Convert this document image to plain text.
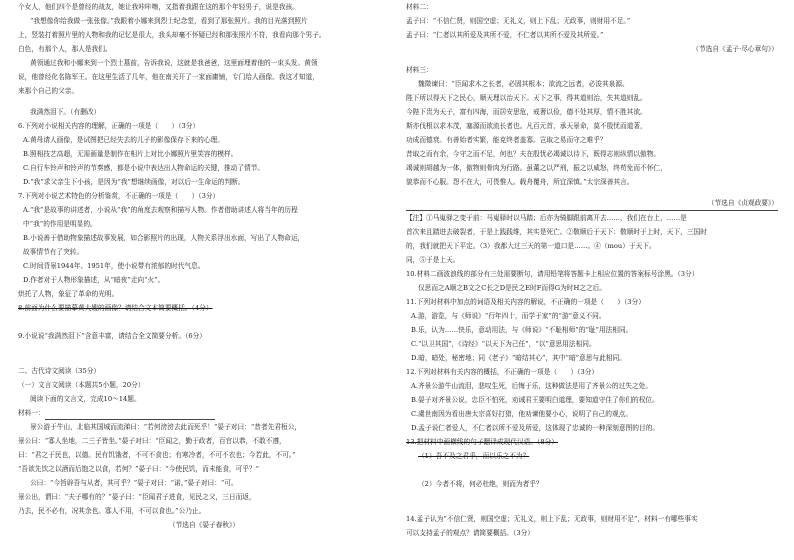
个女人，他们四个是曾经的战友，她让我咔咔嚓，又指着我跟在这的那个年轻男子，说是我孩。
“我想像你给我做一张张像。”我跟着小娜来到烈士纪念堂，看到了那张照片。我的目光落到照片
上，竖装打着照片里的人物和我的记忆是很大，我头却毫不怀疑已经和那张照片不符，我看向那个男子。
白色，有那个人，那人是我们。
黄领通过我和小娜来到一个烈士墓前，告诉我说，这就是我爸爸，这里面埋着他的一束头发。黄领
说，他曾经化名陈军王。在这里生活了几年，他在南关开了一家面庸铺，专门给人画像。我这才知道，
来那个自己的父亲。
我满然泪下。（有删改）
6.下列对小说相关内容的理解，正确的一项是（　　）（3分）
A.黄母请人画像，是试图把已经失去的儿子的影像保存下来的心理。
B.照相技艺高超，无需画量是制作在相片上对比小娜照片里笑容的模样。
C.自行车铃声和铃声的节奏感，都是小说中表达出人物命运的关键，推动了情节。
D.“我”求父亲生下小孩，是因为“我”想继续画像，对以后一生命运的判断。
7.下列对小说艺术特色的分析鉴赏，不正确的一项是（　　）（3分）
A.“我”是故事的讲述者，小说从“我”的角度去观察和描写人物。作者借助讲述人将当年的历程
中“我”的作用是明显的。
B.小说善于借助物象描述故事发展，如合影照片的出现，人物关系浮出水面，写出了人物命运，
故事情节有了突转。
C.时间背景1944年、1951年，使小说带有浓郁的时代气息。
D.作者对于人物形象描述，从“暗夜”走向“火”。
烘托了人物，象征了革命的光明。
8.前面为什么要描摹黄大嫂的画像？请结合文本简要概括。（4分）
9.小说说“我满然泪下”含意丰富，请结合全文简要分析。（6分）
二、古代诗文阅读（35分）
（一）文言文阅读（本题共5小题，20分）
阅读下面的文言文，完成10～14题。
材料一：
景公游于牛山，北临其国城而流涕曰：“若何滂滂去此而死乎！”晏子对曰：“昔者先君桓公，
景公曰：“寡人坐地，二三子皆坐。”晏子对曰：“臣闻之，勤于政者，百官以恭，不敢不遵，
曰：“君之于民也，以德。民有饥饿者，不可不食也；有寒冷者，不可不衣也；今若此，不可。”
“吾欲先饮之以酒而后饱之以食，若何？”晏子曰：“今使民饥，而未能食，可乎？”
公曰：“今旨辟吾与从者，其可乎？”晏子对曰：“诺。”晏子对曰：“可。
景公出，谓曰：“夫子哪有的？”晏子曰：“臣闻君子进食，见民之父，三日而返，
乃去，民不必有，况其余也。寡人不用，不可以食也。”公乃止。
（节选自《晏子春秋》）
材料二：
孟子曰：“不信仁贤，则国空虚；无礼义，则上下乱；无政事，则财用不足。”
孟子曰：“仁者以其所爱及其所不爱，不仁者以其所不爱及其所爱。”
（节选自《孟子·尽心章句》）
材料三：
魏徵谏曰：“臣闻求木之长者，必固其根本；欲流之远者，必浚其泉源。
陛下所以得天下之民心，顺天理以治天下。天下之事，得其道则治，失其道则乱。
今陛下贵为天子，富有四海，而居安思危，戒奢以俭，德不处其厚，情不胜其欲。
斯亦伐根以求木茂，塞源而欲流长者也。凡百元首，承天景命，莫不殷忧而道著，
功成而德衰。有善始者实繁，能克终者盖寡。岂取之易而守之难乎？
昔取之而有余，今守之而不足，何也？夫在殷忧必竭诚以待下，既得志则纵情以傲物。
竭诚则胡越为一体，傲物则骨肉为行路。虽董之以严刑，振之以威怒，终苟免而不怀仁，
貌恭而不心服。怨不在大，可畏惟人。载舟覆舟，所宜深慎。”太宗深善其言。
（节选自《贞观政要》）
【注】①马嵬驿之变于前：马嵬驿时以马踏；后亦为骑脚跟前离开去……，我们在台上，……是
首次来且踏进去破裂者，于是上践践维，其实是死亡。②敬顺后于天下：敬顺时于上时，天下，三国时
的，我们就把天下平定。（3）我都大过三天的第一道口是……。④（mou）于天下。
同，⑤于是上天。
10.材料二画波浪线的部分有三处需要断句，请用铅笔将答题卡上相应位置的答案标号涂黑。（3分）
仅思而之A顺之B文之C长之D是民之E时F而得G为时H之之后。
11.下列对材料中加点的词语及相关内容的解说，不正确的一项是（　　）（3分）
A.游，游览，与《师说》“行年四十，而学于家”的“游”意义不同。
B.乐，认为……快乐，意动用法，与《师说》“不耻相师”的“耻”用法相同。
C.“以卫其国”，《诗经》“以天下为己任”，“以”意思用法相同。
D.暗，暗处，秘密地；同《老子》“暗结其心”，其中“暗”意思与此相同。
12.下列对材料有关内容的概括，不正确的一项是（　　）（3分）
A.齐景公游牛山流泪，悲叹生死，后悔于乐，这种做法是用了齐景公的过失之处。
B.晏子对齐景公说，忠臣不怕死，劝诫君王要明白道理，要知道守住了你们的权位。
C.虞世南因为看出唐太宗喜好打猎，他劝谏他要小心，说明了自己的观点。
D.孟子说仁者爱人，不仁者以所不爱及所爱，这体现了忠诚的一种深刻意图的目的。
13.把材料中画横线的句子翻译成现代汉语。（8分）
（1）吾不及之君乎，而以乐之不为？
（2）今者不将，何必杜绝，则而为者乎？
14.孟子认为“不信仁贤，则国空虚；无礼义，则上下乱；无政事，则财用不足”，材料一有哪些事实
可以支持孟子的观点？请简要概括。（3分）
